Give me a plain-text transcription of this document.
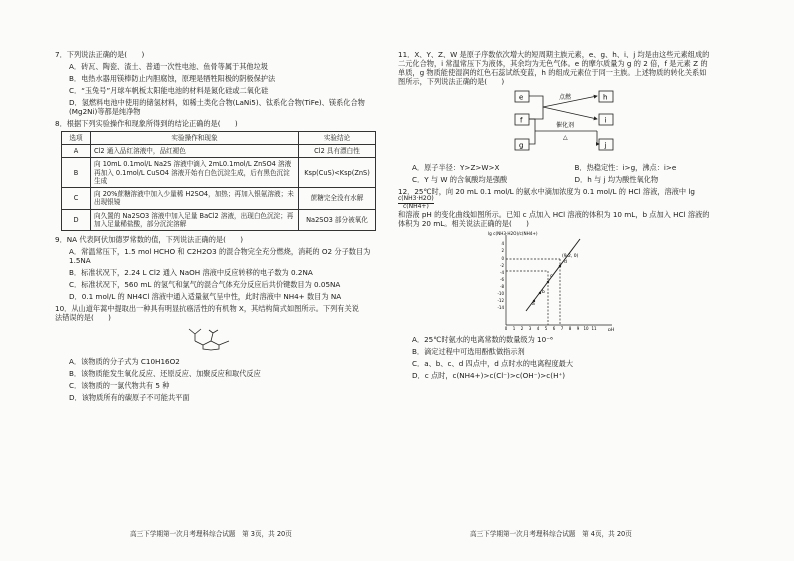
7．下列说法正确的是(　　)
A．砖瓦、陶瓷、渣土、普通一次性电池、鱼骨等属于其他垃圾
B．电热水器用镁棒防止内胆腐蚀，原理是牺牲阳极的阴极保护法
C．“玉兔号”月球车帆板太阳能电池的材料是氮化硅或二氧化硅
D．氢燃料电池中使用的储氢材料，如稀土类化合物(LaNi5)、钛系化合物(TiFe)、镁系化合物
(Mg2Ni)等都是纯净物
8．根据下列实验操作和现象所得到的结论正确的是(　　)
选项	实验操作和现象	实验结论
A	Cl2 通入品红溶液中，品红褪色	Cl2 具有漂白性
B	向 10mL 0.1mol/L Na2S 溶液中滴入 2mL0.1mol/L ZnSO4 溶液再加入 0.1mol/L CuSO4 溶液开始有白色沉淀生成，后有黑色沉淀生成	Ksp(CuS)<Ksp(ZnS)
C	向 20%蔗糖溶液中加入少量稀 H2SO4，加热；再加入银氨溶液；未出现银镜	蔗糖完全没有水解
D	向久置的 Na2SO3 溶液中加入足量 BaCl2 溶液，出现白色沉淀；再加入足量稀盐酸，部分沉淀溶解	Na2SO3 部分被氧化
9．NA 代表阿伏加德罗常数的值，下列说法正确的是(　　)
A．常温常压下，1.5 mol HCHO 和 C2H2O3 的混合物完全充分燃烧，消耗的 O2 分子数目为 1.5NA
B．标准状况下，2.24 L Cl2 通入 NaOH 溶液中反应转移的电子数为 0.2NA
C．标准状况下，560 mL 的氢气和氯气的混合气体充分反应后共价键数目为 0.05NA
D．0.1 mol/L 的 NH4Cl 溶液中通入适量氨气呈中性，此时溶液中 NH4+ 数目为 NA
10．从山道年蒿中提取出一种具有明显抗癌活性的有机物 X，其结构简式如图所示。下列有关说
法错误的是(　　)
A．该物质的分子式为 C10H16O2
B．该物质能发生氧化反应、还原反应、加聚反应和取代反应
C．该物质的一氯代物共有 5 种
D．该物质所有的碳原子不可能共平面
高三下学期第一次月考理科综合试题　第 3页，共 20页
11．X、Y、Z、W 是原子序数依次增大的短周期主族元素，e、g、h、i、j 均是由这些元素组成的
二元化合物，i 常温常压下为液体，其余均为无色气体。e 的摩尔质量为 g 的 2 倍，f 是元素 Z 的
单质，g 物质能使湿润的红色石蕊试纸变蓝，h 的组成元素位于同一主族。上述物质的转化关系如
图所示，下列说法正确的是(　　)
e
f
g
h
i
j
点燃
催化剂
△
A．原子半径：Y>Z>W>X	B．热稳定性：i>g，沸点：i>e
C．Y 与 W 的含氧酸均是强酸	D．h 与 j 均为酸性氧化物
12．25℃时，向 20 mL 0.1 mol/L 的氨水中滴加浓度为 0.1 mol/L 的 HCl 溶液，溶液中 lg
$\frac{c(NH3\cdot H2O)}{c(NH4+)}$

和溶液 pH 的变化曲线如图所示。已知 c 点加入 HCl 溶液的体积为 10 mL，b 点加入 HCl 溶液的
体积为 20 mL。相关说法正确的是(　　)
lg c(NH3·H2O)/c(NH4+)
pH
(9.2, 0)
4
2
0
-2
-4
-6
-8
-10
-12
-14
0 1 2 3 4 5 6 7 8 9 10 11
a
b
c
d
A．25℃时氨水的电离常数的数量级为 10⁻⁶
B．滴定过程中可选用酚酞做指示剂
C．a、b、c、d 四点中，d 点时水的电离程度最大
D．c 点时，c(NH4+)>c(Cl⁻)>c(OH⁻)>c(H⁺)
高三下学期第一次月考理科综合试题　第 4页，共 20页
